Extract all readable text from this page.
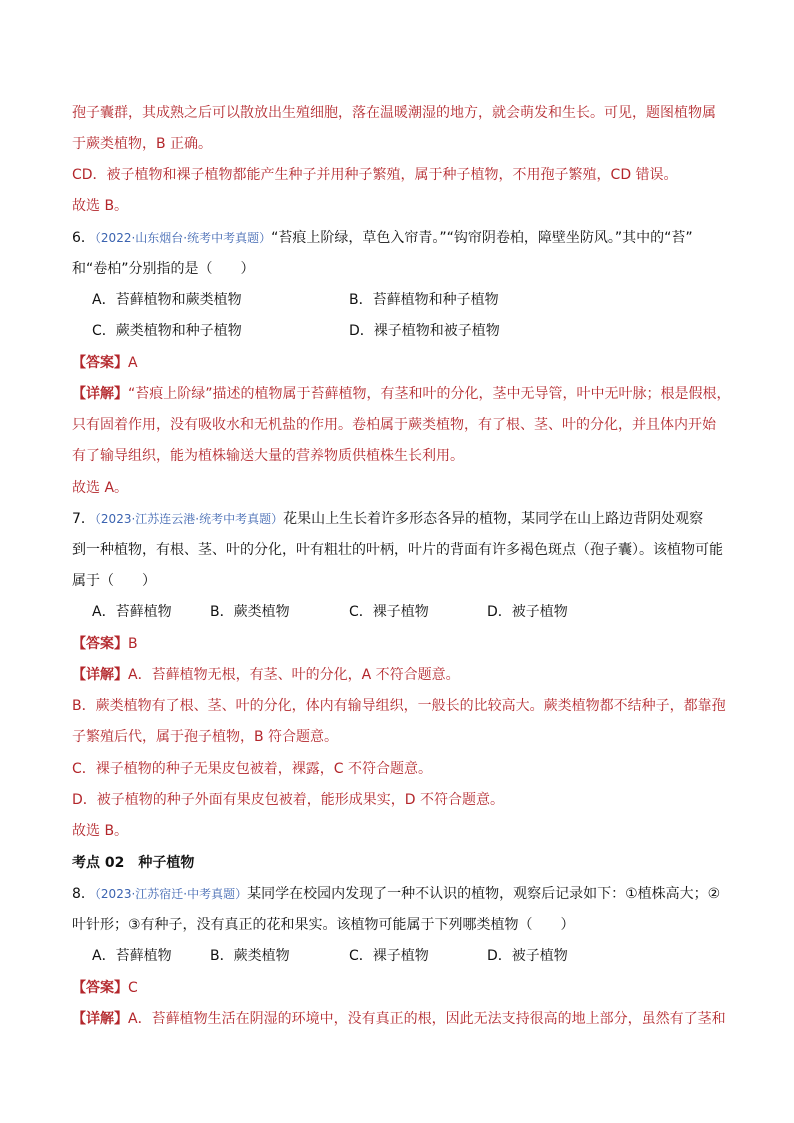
孢子囊群，其成熟之后可以散放出生殖细胞，落在温暖潮湿的地方，就会萌发和生长。可见，题图植物属
于蕨类植物，B 正确。
CD．被子植物和裸子植物都能产生种子并用种子繁殖，属于种子植物，不用孢子繁殖，CD 错误。
故选 B。
6．（2022·山东烟台·统考中考真题）“苔痕上阶绿，草色入帘青。”“钩帘阴卷柏，障壁坐防风。”其中的“苔”
和“卷柏”分别指的是（　　）
A．苔藓植物和蕨类植物	B．苔藓植物和种子植物
C．蕨类植物和种子植物	D．裸子植物和被子植物
【答案】A
【详解】“苔痕上阶绿”描述的植物属于苔藓植物，有茎和叶的分化，茎中无导管，叶中无叶脉；根是假根，
只有固着作用，没有吸收水和无机盐的作用。卷柏属于蕨类植物，有了根、茎、叶的分化，并且体内开始
有了输导组织，能为植株输送大量的营养物质供植株生长利用。
故选 A。
7．（2023·江苏连云港·统考中考真题）花果山上生长着许多形态各异的植物，某同学在山上路边背阴处观察
到一种植物，有根、茎、叶的分化，叶有粗壮的叶柄，叶片的背面有许多褐色斑点（孢子囊）。该植物可能
属于（　　）
A．苔藓植物	B．蕨类植物	C．裸子植物	D．被子植物
【答案】B
【详解】A．苔藓植物无根，有茎、叶的分化，A 不符合题意。
B．蕨类植物有了根、茎、叶的分化，体内有输导组织，一般长的比较高大。蕨类植物都不结种子，都靠孢
子繁殖后代，属于孢子植物，B 符合题意。
C．裸子植物的种子无果皮包被着，裸露，C 不符合题意。
D．被子植物的种子外面有果皮包被着，能形成果实，D 不符合题意。
故选 B。
考点 02 种子植物
8．（2023·江苏宿迁·中考真题）某同学在校园内发现了一种不认识的植物，观察后记录如下：①植株高大；②
叶针形；③有种子，没有真正的花和果实。该植物可能属于下列哪类植物（　　）
A．苔藓植物	B．蕨类植物	C．裸子植物	D．被子植物
【答案】C
【详解】A．苔藓植物生活在阴湿的环境中，没有真正的根，因此无法支持很高的地上部分，虽然有了茎和
